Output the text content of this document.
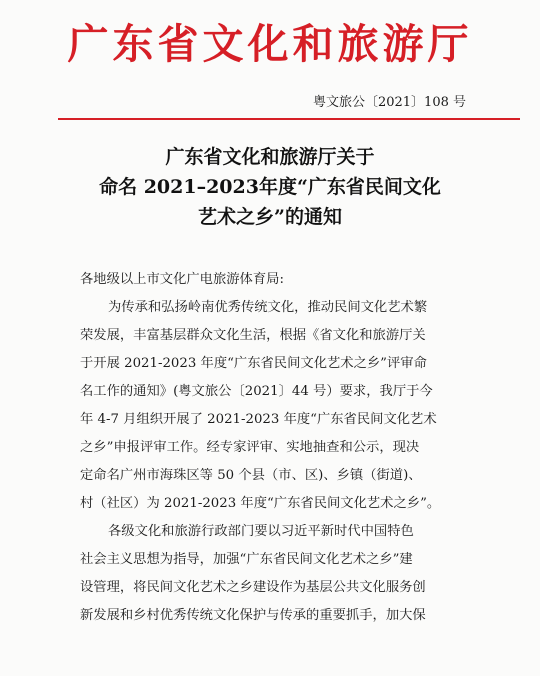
广东省文化和旅游厅
粤文旅公〔2021〕108 号
广东省文化和旅游厅关于
命名 2021–2023年度“广东省民间文化
艺术之乡”的通知
各地级以上市文化广电旅游体育局:
为传承和弘扬岭南优秀传统文化，推动民间文化艺术繁
荣发展，丰富基层群众文化生活，根据《省文化和旅游厅关
于开展 2021-2023 年度“广东省民间文化艺术之乡”评审命
名工作的通知》(粤文旅公〔2021〕44 号）要求，我厅于今
年 4-7 月组织开展了 2021-2023 年度“广东省民间文化艺术
之乡”申报评审工作。经专家评审、实地抽查和公示，现决
定命名广州市海珠区等 50 个县（市、区)、乡镇（街道)、
村（社区）为 2021-2023 年度“广东省民间文化艺术之乡”。
各级文化和旅游行政部门要以习近平新时代中国特色
社会主义思想为指导，加强“广东省民间文化艺术之乡”建
设管理，将民间文化艺术之乡建设作为基层公共文化服务创
新发展和乡村优秀传统文化保护与传承的重要抓手，加大保
